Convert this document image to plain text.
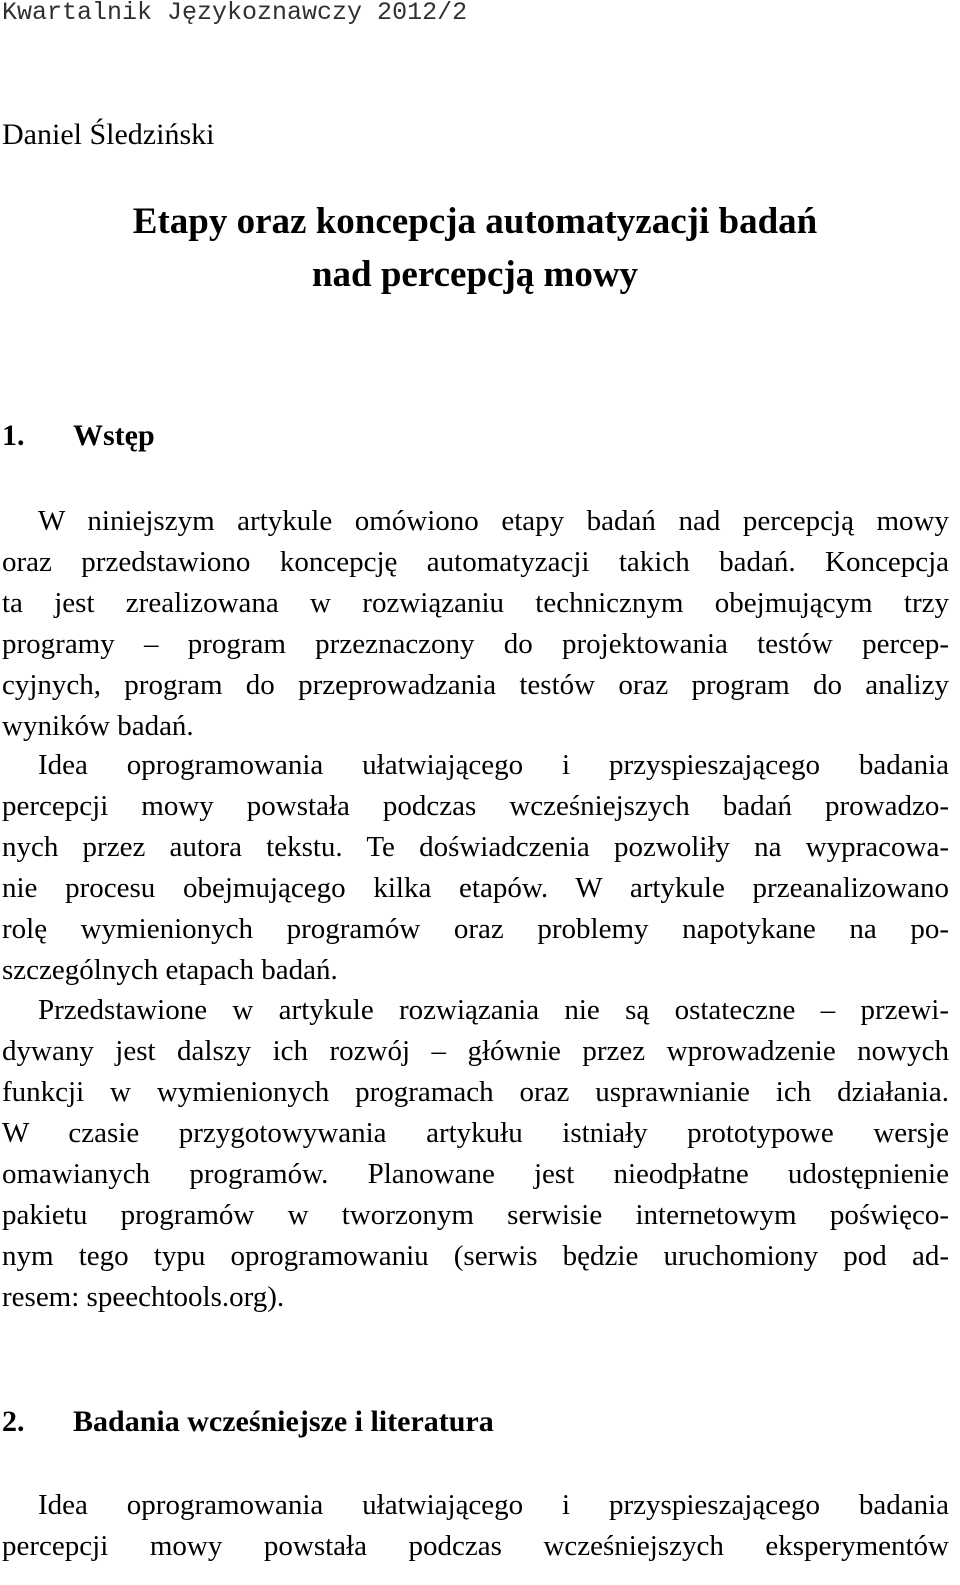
Kwartalnik Językoznawczy 2012/2
Daniel Śledziński
Etapy oraz koncepcja automatyzacji badań
nad percepcją mowy
1. Wstęp
W niniejszym artykule omówiono etapy badań nad percepcją mowy
oraz przedstawiono koncepcję automatyzacji takich badań. Koncepcja
ta jest zrealizowana w rozwiązaniu technicznym obejmującym trzy
programy – program przeznaczony do projektowania testów percep-
cyjnych, program do przeprowadzania testów oraz program do analizy
wyników badań.
Idea oprogramowania ułatwiającego i przyspieszającego badania
percepcji mowy powstała podczas wcześniejszych badań prowadzo-
nych przez autora tekstu. Te doświadczenia pozwoliły na wypracowa-
nie procesu obejmującego kilka etapów. W artykule przeanalizowano
rolę wymienionych programów oraz problemy napotykane na po-
szczególnych etapach badań.
Przedstawione w artykule rozwiązania nie są ostateczne – przewi-
dywany jest dalszy ich rozwój – głównie przez wprowadzenie nowych
funkcji w wymienionych programach oraz usprawnianie ich działania.
W czasie przygotowywania artykułu istniały prototypowe wersje
omawianych programów. Planowane jest nieodpłatne udostępnienie
pakietu programów w tworzonym serwisie internetowym poświęco-
nym tego typu oprogramowaniu (serwis będzie uruchomiony pod ad-
resem: speechtools.org).
2. Badania wcześniejsze i literatura
Idea oprogramowania ułatwiającego i przyspieszającego badania
percepcji mowy powstała podczas wcześniejszych eksperymentów
